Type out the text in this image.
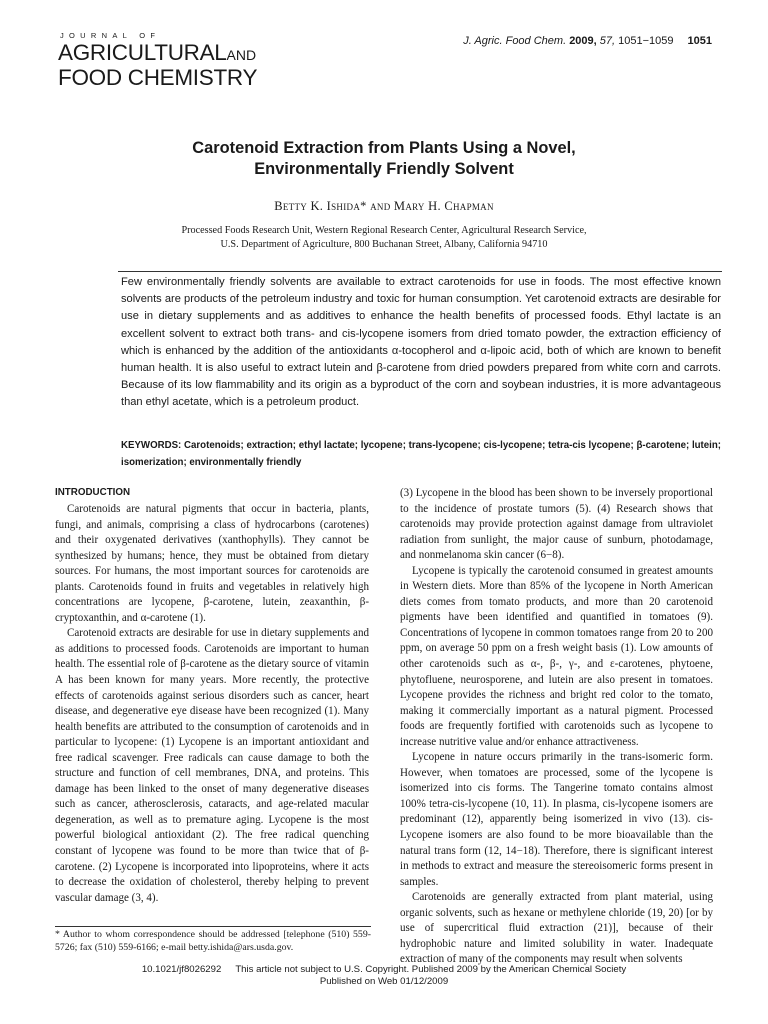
JOURNAL OF
AGRICULTURALAND
FOOD CHEMISTRY
J. Agric. Food Chem. 2009, 57, 1051−1059 1051
Carotenoid Extraction from Plants Using a Novel,
Environmentally Friendly Solvent
Betty K. Ishida* and Mary H. Chapman
Processed Foods Research Unit, Western Regional Research Center, Agricultural Research Service,
U.S. Department of Agriculture, 800 Buchanan Street, Albany, California 94710
Few environmentally friendly solvents are available to extract carotenoids for use in foods. The most effective known solvents are products of the petroleum industry and toxic for human consumption. Yet carotenoid extracts are desirable for use in dietary supplements and as additives to enhance the health benefits of processed foods. Ethyl lactate is an excellent solvent to extract both trans- and cis-lycopene isomers from dried tomato powder, the extraction efficiency of which is enhanced by the addition of the antioxidants α-tocopherol and α-lipoic acid, both of which are known to benefit human health. It is also useful to extract lutein and β-carotene from dried powders prepared from white corn and carrots. Because of its low flammability and its origin as a byproduct of the corn and soybean industries, it is more advantageous than ethyl acetate, which is a petroleum product.
KEYWORDS: Carotenoids; extraction; ethyl lactate; lycopene; trans-lycopene; cis-lycopene; tetra-cis lycopene; β-carotene; lutein; isomerization; environmentally friendly
INTRODUCTION

Carotenoids are natural pigments that occur in bacteria, plants, fungi, and animals, comprising a class of hydrocarbons (carotenes) and their oxygenated derivatives (xanthophylls). They cannot be synthesized by humans; hence, they must be obtained from dietary sources. For humans, the most important sources for carotenoids are plants. Carotenoids found in fruits and vegetables in relatively high concentrations are lycopene, β-carotene, lutein, zeaxanthin, β-cryptoxanthin, and α-carotene (1).

Carotenoid extracts are desirable for use in dietary supplements and as additions to processed foods. Carotenoids are important to human health. The essential role of β-carotene as the dietary source of vitamin A has been known for many years. More recently, the protective effects of carotenoids against serious disorders such as cancer, heart disease, and degenerative eye disease have been recognized (1). Many health benefits are attributed to the consumption of carotenoids and in particular to lycopene: (1) Lycopene is an important antioxidant and free radical scavenger. Free radicals can cause damage to both the structure and function of cell membranes, DNA, and proteins. This damage has been linked to the onset of many degenerative diseases such as cancer, atherosclerosis, cataracts, and age-related macular degeneration, as well as to premature aging. Lycopene is the most powerful biological antioxidant (2). The free radical quenching constant of lycopene was found to be more than twice that of β-carotene. (2) Lycopene is incorporated into lipoproteins, where it acts to decrease the oxidation of cholesterol, thereby helping to prevent vascular damage (3, 4).

* Author to whom correspondence should be addressed [telephone (510) 559-5726; fax (510) 559-6166; e-mail betty.ishida@ars.usda.gov.

(3) Lycopene in the blood has been shown to be inversely proportional to the incidence of prostate tumors (5). (4) Research shows that carotenoids may provide protection against damage from ultraviolet radiation from sunlight, the major cause of sunburn, photodamage, and nonmelanoma skin cancer (6−8).

Lycopene is typically the carotenoid consumed in greatest amounts in Western diets. More than 85% of the lycopene in North American diets comes from tomato products, and more than 20 carotenoid pigments have been identified and quantified in tomatoes (9). Concentrations of lycopene in common tomatoes range from 20 to 200 ppm, on average 50 ppm on a fresh weight basis (1). Low amounts of other carotenoids such as α-, β-, γ-, and ε-carotenes, phytoene, phytofluene, neurosporene, and lutein are also present in tomatoes. Lycopene provides the richness and bright red color to the tomato, making it commercially important as a natural pigment. Processed foods are frequently fortified with carotenoids such as lycopene to increase nutritive value and/or enhance attractiveness.

Lycopene in nature occurs primarily in the trans-isomeric form. However, when tomatoes are processed, some of the lycopene is isomerized into cis forms. The Tangerine tomato contains almost 100% tetra-cis-lycopene (10, 11). In plasma, cis-lycopene isomers are predominant (12), apparently being isomerized in vivo (13). cis-Lycopene isomers are also found to be more bioavailable than the natural trans form (12, 14−18). Therefore, there is significant interest in methods to extract and measure the stereoisomeric forms present in samples.

Carotenoids are generally extracted from plant material, using organic solvents, such as hexane or methylene chloride (19, 20) [or by use of supercritical fluid extraction (21)], because of their hydrophobic nature and limited solubility in water. Inadequate extraction of many of the components may result when solvents

10.1021/jf8026292 This article not subject to U.S. Copyright. Published 2009 by the American Chemical Society
Published on Web 01/12/2009
